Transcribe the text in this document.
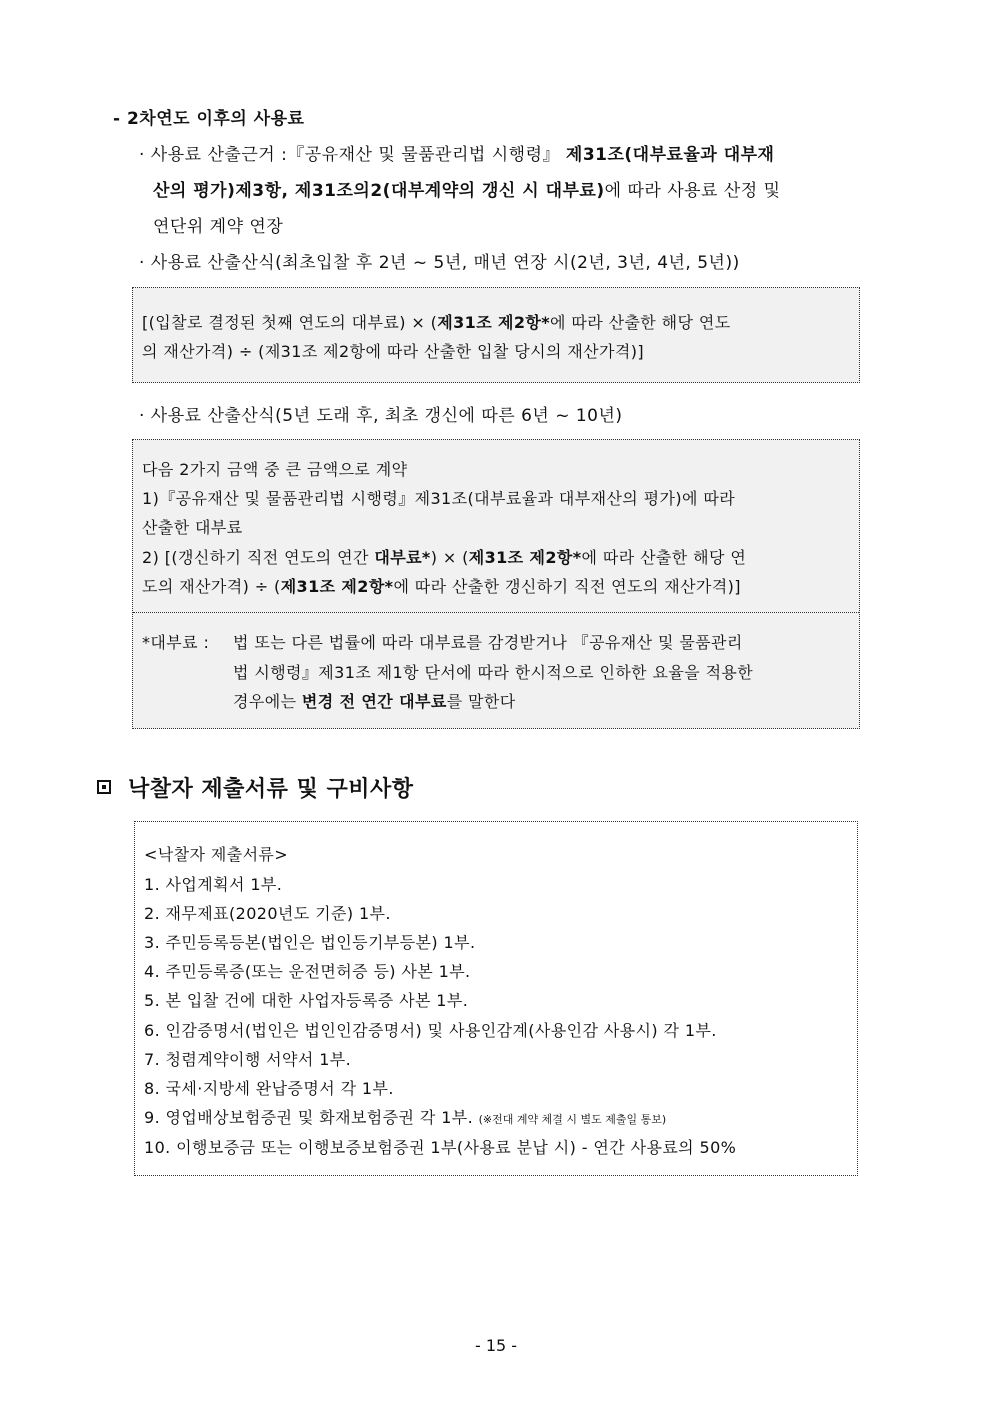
- 2차연도 이후의 사용료
· 사용료 산출근거 :『공유재산 및 물품관리법 시행령』 제31조(대부료율과 대부재
산의 평가)제3항, 제31조의2(대부계약의 갱신 시 대부료)에 따라 사용료 산정 및
연단위 계약 연장
· 사용료 산출산식(최초입찰 후 2년 ~ 5년, 매년 연장 시(2년, 3년, 4년, 5년))
[(입찰로 결정된 첫째 연도의 대부료) × (제31조 제2항*에 따라 산출한 해당 연도
의 재산가격) ÷ (제31조 제2항에 따라 산출한 입찰 당시의 재산가격)]
· 사용료 산출산식(5년 도래 후, 최초 갱신에 따른 6년 ~ 10년)
다음 2가지 금액 중 큰 금액으로 계약
1)『공유재산 및 물품관리법 시행령』제31조(대부료율과 대부재산의 평가)에 따라
산출한 대부료
2) [(갱신하기 직전 연도의 연간 대부료*) × (제31조 제2항*에 따라 산출한 해당 연
도의 재산가격) ÷ (제31조 제2항*에 따라 산출한 갱신하기 직전 연도의 재산가격)]
*대부료 : 법 또는 다른 법률에 따라 대부료를 감경받거나 『공유재산 및 물품관리
법 시행령』제31조 제1항 단서에 따라 한시적으로 인하한 요율을 적용한
경우에는 변경 전 연간 대부료를 말한다
낙찰자 제출서류 및 구비사항
<낙찰자 제출서류>
1. 사업계획서 1부.
2. 재무제표(2020년도 기준) 1부.
3. 주민등록등본(법인은 법인등기부등본) 1부.
4. 주민등록증(또는 운전면허증 등) 사본 1부.
5. 본 입찰 건에 대한 사업자등록증 사본 1부.
6. 인감증명서(법인은 법인인감증명서) 및 사용인감계(사용인감 사용시) 각 1부.
7. 청렴계약이행 서약서 1부.
8. 국세·지방세 완납증명서 각 1부.
9. 영업배상보험증권 및 화재보험증권 각 1부. (※전대 계약 체결 시 별도 제출일 통보)
10. 이행보증금 또는 이행보증보험증권 1부(사용료 분납 시) - 연간 사용료의 50%
- 15 -
